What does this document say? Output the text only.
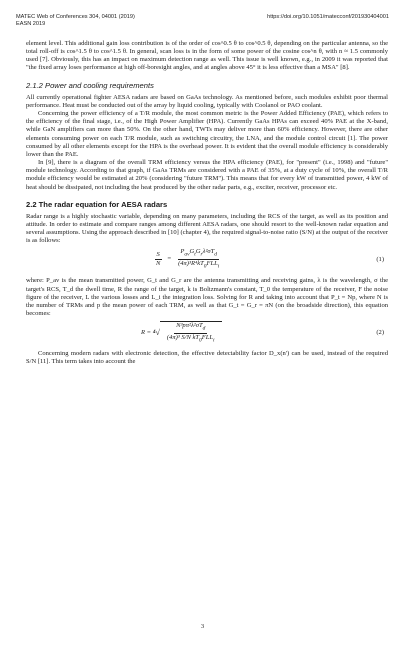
MATEC Web of Conferences 304, 04001 (2019)
EASN 2019
https://doi.org/10.1051/matecconf/201930404001

element level. This additional gain loss contribution is of the order of cos^0.5 θ to cos^0.5 θ, depending on the particular antenna, so the total roll-off is cos^1.5 θ to cos^1.5 θ. In general, scan loss is in the form of some power of the cosine cos^n θ, with n ≈ 1.5 commonly used [7]. Obviously, this has an impact on maximum detection range as well. This issue is well known, e.g., in 2009 it was reported that "the fixed array loses performance at high off-boresight angles, and at angles above 45° it is less effective than a MSA" [8].

2.1.2 Power and cooling requirements

All currently operational fighter AESA radars are based on GaAs technology. As mentioned before, such modules exhibit poor thermal performance. Heat must be conducted out of the array by liquid cooling, typically with Coolanol or PAO coolant.

Concerning the power efficiency of a T/R module, the most common metric is the Power Added Efficiency (PAE), which refers to the efficiency of the final stage, i.e., of the High Power Amplifier (HPA). Currently GaAs HPAs can exceed 40% PAE at the X-band, while GaN amplifiers can more than 50%. On the other hand, TWTs may deliver more than 60% efficiency. However, there are other elements consuming power on each T/R module, such as switching circuitry, the LNA, and the module control circuit [1]. The power consumed by all other elements except for the HPA is the overhead power. It is evident that the overall module efficiency is considerably lower than the PAE.

In [9], there is a diagram of the overall TRM efficiency versus the HPA efficiency (PAE), for "present" (i.e., 1998) and "future" module technology. According to that graph, if GaAs TRMs are considered with a PAE of 35%, at a duty cycle of 10%, the overall T/R module efficiency would be estimated at 20% (considering "future TRM"). This means that for every kW of transmitted power, 4 kW of heat should be dissipated, not including the heat produced by the other radar parts, e.g., exciter, receiver, processor etc.

2.2 The radar equation for AESA radars

Radar range is a highly stochastic variable, depending on many parameters, including the RCS of the target, as well as its position and attitude. In order to estimate and compare ranges among different AESA radars, one should resort to the well-known radar equation and several assumptions. Using the approach described in [10] (chapter 4), the required signal-to-noise ratio (S/N) at the output of the receiver is as follows:

$\frac{S}{N} = \frac{P_{av}G_tG_r\lambda^2\sigma T_d}{(4\pi)^3R^4kT_0FLL_i}$	(1)

where: P_av is the mean transmitted power, G_t and G_r are the antenna transmitting and receiving gains, λ is the wavelength, σ the target's RCS, T_d the dwell time, R the range of the target, k is Boltzmann's constant, T_0 the temperature of the receiver, F the noise figure of the receiver, L the various losses and L_i the integration loss. Solving for R and taking into account that P_t = Np, where N is the number of TRMs and p the mean power of each TRM, as well as that G_t = G_r = πN (on the broadside direction), this equation becomes:

$R = ^4√ \frac{N^3p\pi^2\lambda^2\sigma T_d}{(4\pi)^3 S/N kT_0FLL_i}$	(2)

Concerning modern radars with electronic detection, the effective detectability factor D_x(n') can be used, instead of the required S/N [11]. This term takes into account the

3
